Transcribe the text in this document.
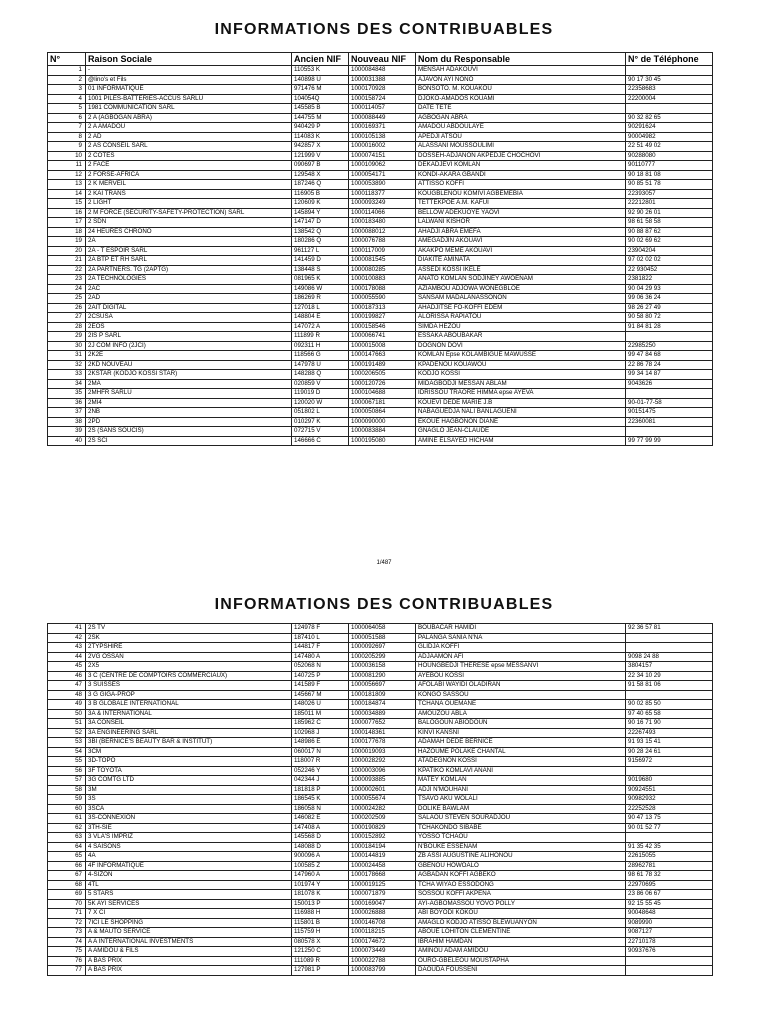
INFORMATIONS DES CONTRIBUABLES
N°	Raison Sociale	Ancien NIF	Nouveau NIF	Nom du Responsable	N° de Téléphone
1	-	110553 K	1000084848	MENSAH ADAKOUVI	
2	@lino's et Fils	140898 U	1000031388	AJAVON AYI NONO	90 17 30 45
3	01 INFORMATIQUE	971476 M	1000170928	BONSOTO. M. KOUAKOU	22358683
4	1001 PILES-BATTERIES-ACCUS SARLU	104054Q	1000158724	DJOKO-AMADOS KOUAMI	22200004
5	1981 COMMUNICATION SARL	145585 B	1000114057	DATE TETE	
6	2 A (AGBOGAN ABRA)	144755 M	1000088449	AGBOGAN ABRA	90 32 82 65
7	2 A AMADOU	940429 P	1000169371	AMADOU ABDOULAYE	90291624
8	2 AD	114083 K	1000105138	APEDJI ATSOU	90004982
9	2 AS CONSEIL SARL	942857 X	1000016002	ALASSANI MOUSSOULIMI	22 51 49 02
10	2 CÔTES	121999 V	1000074151	DOSSEH-ADJANON AKPEDJE CHOCHOVI	90288080
11	2 FACE	090697 B	1000109062	DEKADJEVI KOMLAN	90110777
12	2 FORSE-AFRICA	129548 X	1000054171	KONDI-AKARA GBANDI	90 18 81 08
13	2 K MERVEIL	187246 Q	1000053890	ATTISSO KOFFI	90 85 51 78
14	2 KAI TRANS	116905 B	1000118377	KOUGBLENOU KOMIVI AGBEMEBIA	22393057
15	2 LIGHT	120609 K	1000093249	TETTEKPOE A.M. KAFUI	22212801
16	2 M FORCE (SECURITY-SAFETY-PROTECTION) SARL	145894 Y	1000114066	BELLOW ADEKUOYE YAOVI	92 90 26 01
17	2 SDN	147147 D	1000183480	LALWANI KISHOR	98 61 58 58
18	24 HEURES CHRONO	138542 Q	1000088012	AHADJI ABRA EMEFA	90 88 87 62
19	2A	180286 Q	1000076788	AMEGADJIN AKOUAVI	90 02 69 62
20	2A - T ESPOIR SARL	961127 L	1000117009	AKAKPO MEME AKOUAVI	23904204
21	2A BTP ET RH SARL	141459 D	1000081545	DIAKITE AMINATA	97 02 02 02
22	2A PARTNERS. TG (2APTG)	138448 S	1000080285	ASSEDI KOSSI IKELE	22 930452
23	2A TECHNOLOGIES	081965 K	1000100883	ANATO KOMLAN SODJINEY AWOENAM	2381822
24	2AC	149086 W	1000178088	AZIAMBOU ADJOWA WONEGBLOE	90 04 29 93
25	2AD	186269 R	1000055590	SANSAM MADALANASSONON	99 06 36 24
26	2AIT DIGITAL	127018 L	1000187313	AHADJITSE FO-KOFFI EDEM	98 26 27 49
27	2CSUSA	148804 E	1000199827	ALORISSA RAPIATOU	90 58 80 72
28	2EOS	147072 A	1000158546	SIMDA HEZOU	91 84 81 28
29	2IS P SARL	111899 R	1000066741	ESSAKA ABOUBAKAR	
30	2J COM INFO (2JCI)	092311 H	1000015008	DOGNON DOVI	22985250
31	2K2E	118566 G	1000147663	KOMLAN Epse KOLAMBIGUE MAWUSSE	99 47 84 68
32	2KD NOUVEAU	147978 U	1000191489	KPADENOU KOUAWOU	22 86 78 24
33	2KSTAR (KODJO KOSSI STAR)	148288 Q	1000206505	KODJO KOSSI	99 34 14 87
34	2MA	020859 V	1000120726	MIDAGBODJI MESSAN ABLAM	9043626
35	2MHFR SARLU	119019 D	1000104688	IDRISSOU TRAORE HIMMA epse AYEVA	
36	2MI4	120020 W	1000067181	KOUEVI DEDE MARIE J.B	90-01-77-58
37	2NB	051802 L	1000050864	NABAGUEDJA NALI BANLAGUENI	90151475
38	2PD	010297 K	1000090000	EKOUE HAGBONON DIANE	22360081
39	2S (SANS SOUCIS)	072715 V	1000083884	GNAGLO JEAN-CLAUDE	
40	2S SCI	146666 C	1000195080	AMINE ELSAYED HICHAM	99 77 99 99
1/487
INFORMATIONS DES CONTRIBUABLES
41	2S TV	124978 F	1000064058	BOUBACAR HAMIDI	92 36 57 81
42	2SK	187410 L	1000051588	PALANGA SANIA N'NA	
43	2TYPSHIRE	144817 F	1000092697	GLIDJA KOFFI	
44	2VG OSSAN	147480 A	1000205299	ADJAAMON AFI	9098 24 88
45	2X5	052068 N	1000036158	HOUNGBEDJI THERESE epse MESSANVI	3804157
46	3 C (CENTRE DE COMPTOIRS COMMERCIAUX)	140725 P	1000081290	AYEBOU KOSSI	22 34 10 29
47	3 SUISSES	141589 F	1000056697	AFOLABI WAYIDI OLADIRAN	91 58 81 06
48	3 G GIGA-PROP	145667 M	1000181809	KONGO SASSOU	
49	3 B GLOBALE INTERNATIONAL	148026 U	1000184874	TCHANA OUEMANE	90 02 85 50
50	3A & INTERNATIONAL	185011 M	1000034889	AMOUZOU ABLA	97 40 65 58
51	3A CONSEIL	185962 C	1000077652	BALOGOUN ABIODOUN	90 16 71 90
52	3A ENGINEERING SARL	102968 J	1000148361	KINVI KANSNI	22267493
53	3BI (BERNICE'S BEAUTY BAR & INSTITUT)	148986 E	1000177678	ADAMAH DEDE BERNICE	91 93 15 41
54	3CM	060017 N	1000019093	HAZOUME POLAKE CHANTAL	90 28 24 61
55	3D-TOPO	118007 R	1000028292	ATADEGNON KOSSI	9156972
56	3F TOYOTA	052246 Y	1000003096	KPATIKO KOMLAVI ANANI	
57	3G COMTG LTD	042344 J	1000093885	MATEY KOMLAN	9019680
58	3M	181818 P	1000002601	ADJI N'MOUHANI	90924551
59	3S	186545 K	1000055674	TSAVO AKU WOLALI	90982932
60	3SCA	186058 N	1000024282	DOLIKE BAWLAM	22252528
61	3S-CONNEXION	146082 E	1000202509	SALAOU STEVEN SOURADJOU	90 47 13 75
62	3TH-SIE	147408 A	1000190829	TCHAKONDO SIBABE	90 01 52 77
63	3 VLA'S IMPRIZ	145568 D	1000152892	YOSSO TCHAOU	
64	4 SAISONS	148088 D	1000184194	N'BOUKE ESSENAM	91 35 42 35
65	4A	900096 A	1000144819	ZB ASSI AUGUSTINE ALIHONOU	22615055
66	4F INFORMATIQUE	100585 Z	1000024458	GBENOU HOWOALO	28962781
67	4-SIZON	147960 A	1000178668	AGBADAN KOFFI AGBEKO	98 61 78 32
68	4TL	101974 Y	1000019125	TCHA WIYAO ESSODONG	22970695
69	5 STARS	181078 K	1000071879	SOSSOU KOFFI AKPENA	23 86 06 67
70	5K AYI SERVICES	150013 P	1000169047	AYI-AGBOMASSOU YOVO POLLY	92 15 55 45
71	7 X CI	116988 H	1000026888	ABI BOYODI KOKOU	90048648
72	7ICI LE SHOPPING	115801 B	1000146708	AMAGLO KODJO ATISSO BLEWUANYON	9089990
73	A & MAUTO SERVICE	115759 H	1000118215	ABOUE LOHITON CLEMENTINE	9087127
74	A A INTERNATIONAL INVESTMENTS	080578 X	1000174672	IBRAHIM HAMDAN	22710178
75	A AMIDOU & FILS	121250 C	1000073449	AMINOU ADAM AMIDOU	90937676
76	A BAS PRIX	111089 R	1000022788	OURO-GBELEOU MOUSTAPHA	
77	A BAS PRIX	127981 P	1000083799	DAOUDA FOUSSENI	
